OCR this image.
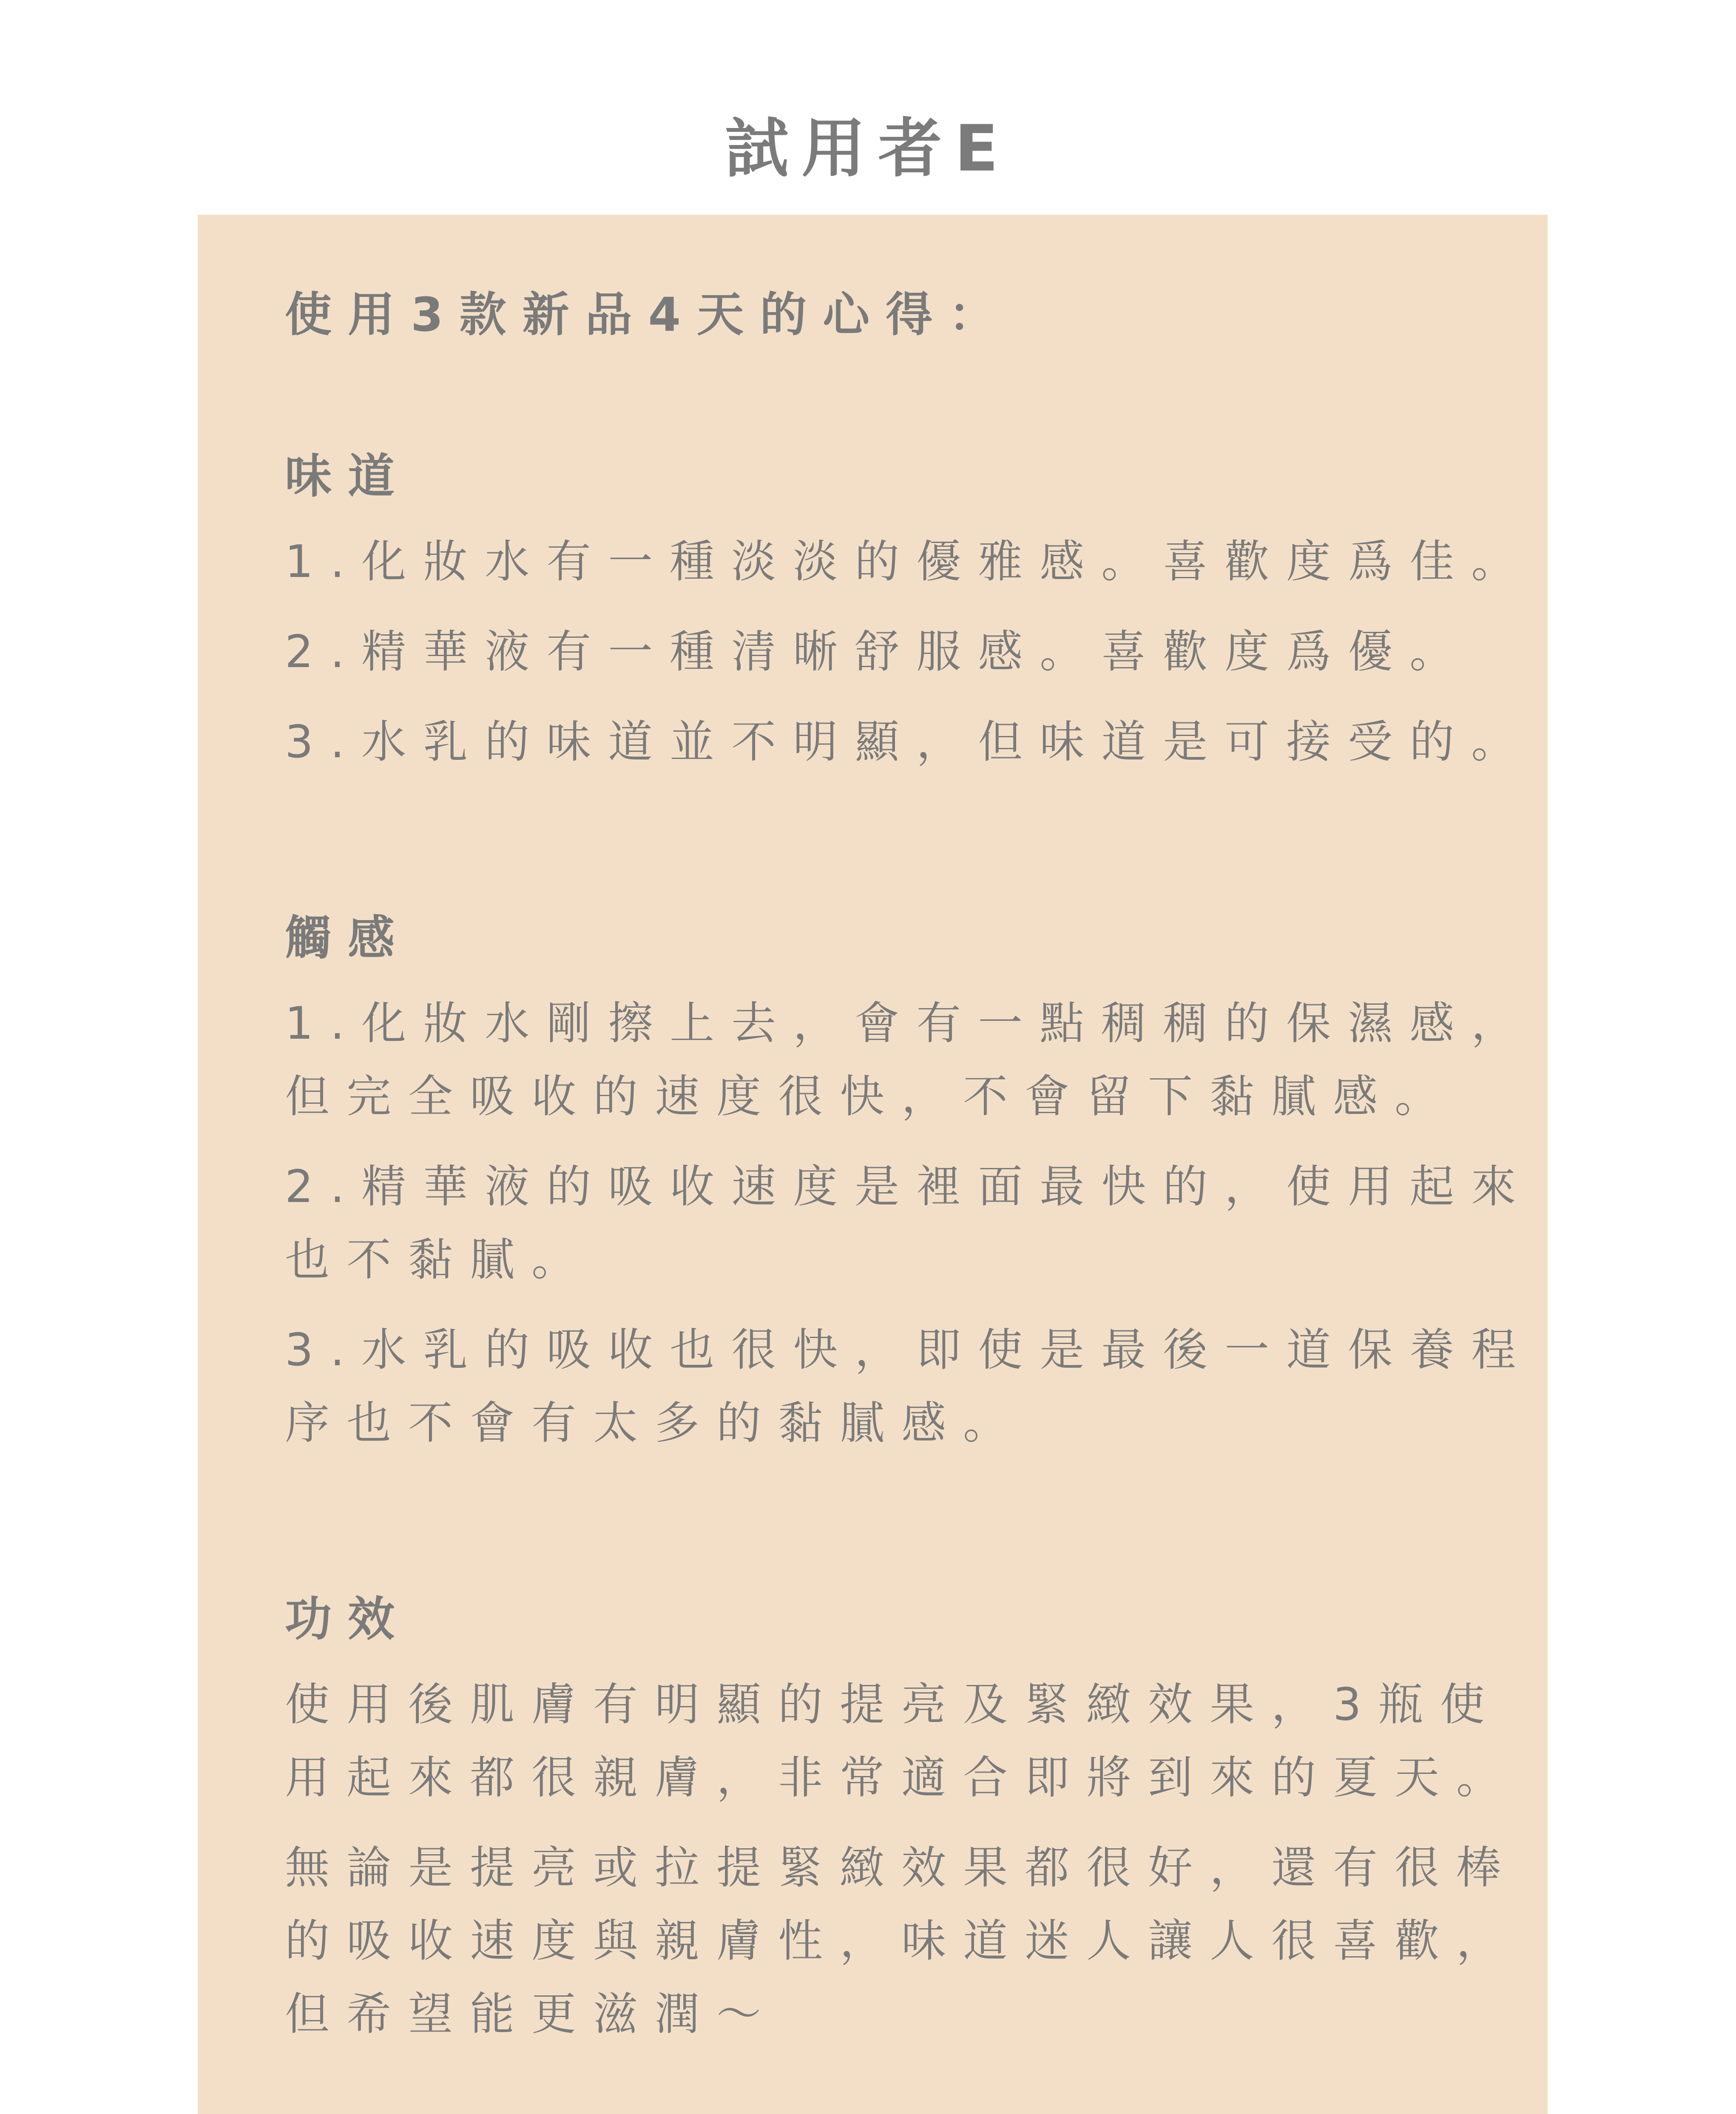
試用者E
使用3款新品4天的心得：
味道
1.化妝水有一種淡淡的優雅感。喜歡度爲佳。
2.精華液有一種清晰舒服感。喜歡度爲優。
3.水乳的味道並不明顯，但味道是可接受的。
觸感
1.化妝水剛擦上去，會有一點稠稠的保濕感，
但完全吸收的速度很快，不會留下黏膩感。
2.精華液的吸收速度是裡面最快的，使用起來
也不黏膩。
3.水乳的吸收也很快，即使是最後一道保養程
序也不會有太多的黏膩感。
功效
使用後肌膚有明顯的提亮及緊緻效果，3瓶使
用起來都很親膚，非常適合即將到來的夏天。
無論是提亮或拉提緊緻效果都很好，還有很棒
的吸收速度與親膚性，味道迷人讓人很喜歡，
但希望能更滋潤～
